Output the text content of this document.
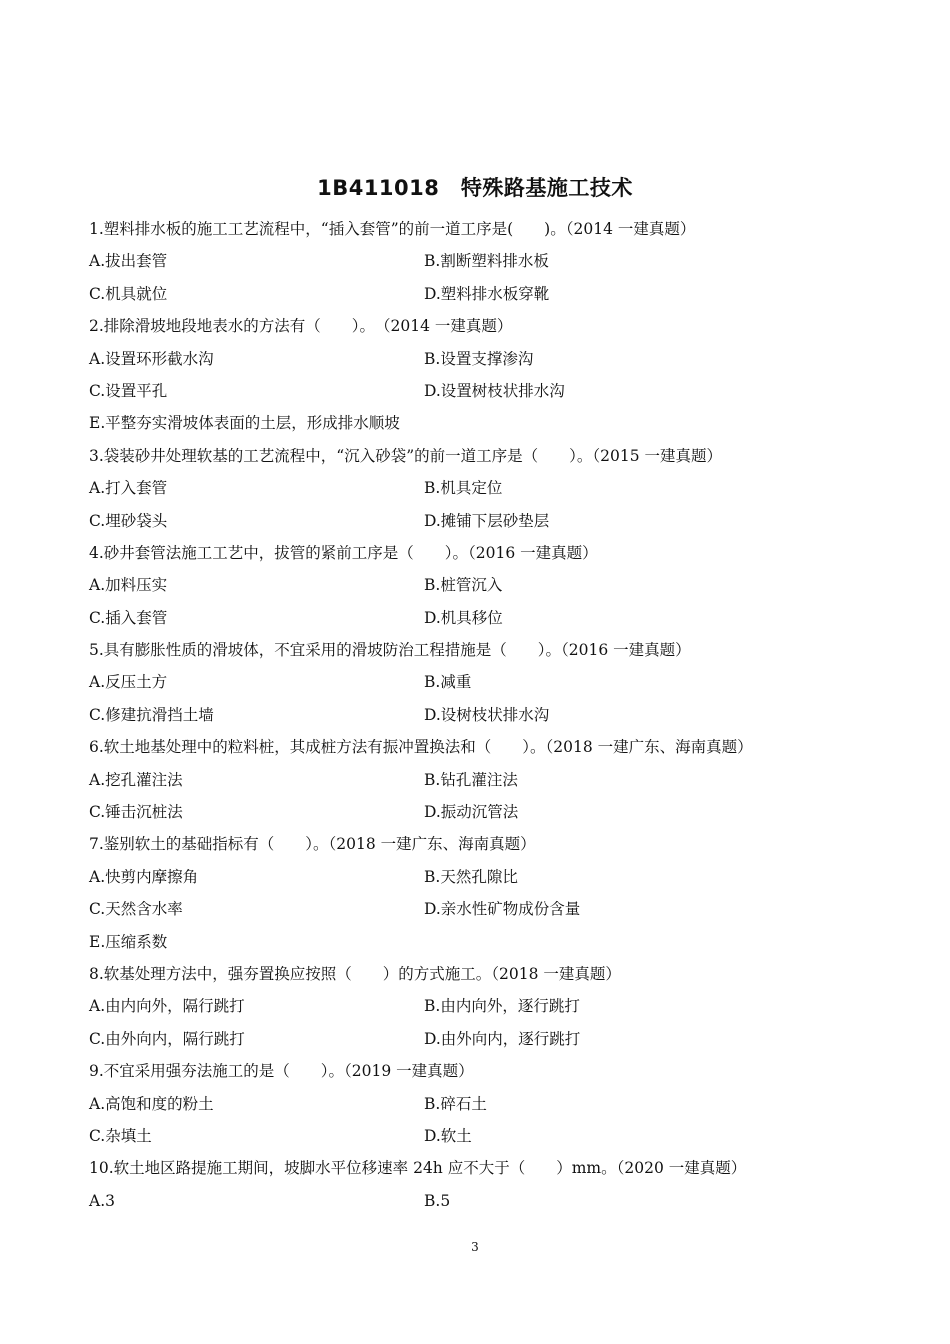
1B411018　特殊路基施工技术
1.塑料排水板的施工工艺流程中，“插入套管”的前一道工序是(　　)。（2014 一建真题）
A.拔出套管	B.割断塑料排水板
C.机具就位	D.塑料排水板穿靴
2.排除滑坡地段地表水的方法有（　　）。　（2014 一建真题）
A.设置环形截水沟	B.设置支撑渗沟
C.设置平孔	D.设置树枝状排水沟
E.平整夯实滑坡体表面的土层，形成排水顺坡
3.袋装砂井处理软基的工艺流程中，“沉入砂袋”的前一道工序是（　　）。（2015 一建真题）
A.打入套管	B.机具定位
C.埋砂袋头	D.摊铺下层砂垫层
4.砂井套管法施工工艺中，拔管的紧前工序是（　　）。（2016 一建真题）
A.加料压实	B.桩管沉入
C.插入套管	D.机具移位
5.具有膨胀性质的滑坡体，不宜采用的滑坡防治工程措施是（　　）。（2016 一建真题）
A.反压土方	B.减重
C.修建抗滑挡土墙	D.设树枝状排水沟
6.软土地基处理中的粒料桩，其成桩方法有振冲置换法和（　　）。（2018 一建广东、海南真题）
A.挖孔灌注法	B.钻孔灌注法
C.锤击沉桩法	D.振动沉管法
7.鉴别软土的基础指标有（　　）。（2018 一建广东、海南真题）
A.快剪内摩擦角	B.天然孔隙比
C.天然含水率	D.亲水性矿物成份含量
E.压缩系数
8.软基处理方法中，强夯置换应按照（　　）的方式施工。（2018 一建真题）
A.由内向外，隔行跳打	B.由内向外，逐行跳打
C.由外向内，隔行跳打	D.由外向内，逐行跳打
9.不宜采用强夯法施工的是（　　）。（2019 一建真题）
A.高饱和度的粉土	B.碎石土
C.杂填土	D.软土
10.软土地区路提施工期间，坡脚水平位移速率 24h 应不大于（　　）mm。（2020 一建真题）
A.3	B.5
3
